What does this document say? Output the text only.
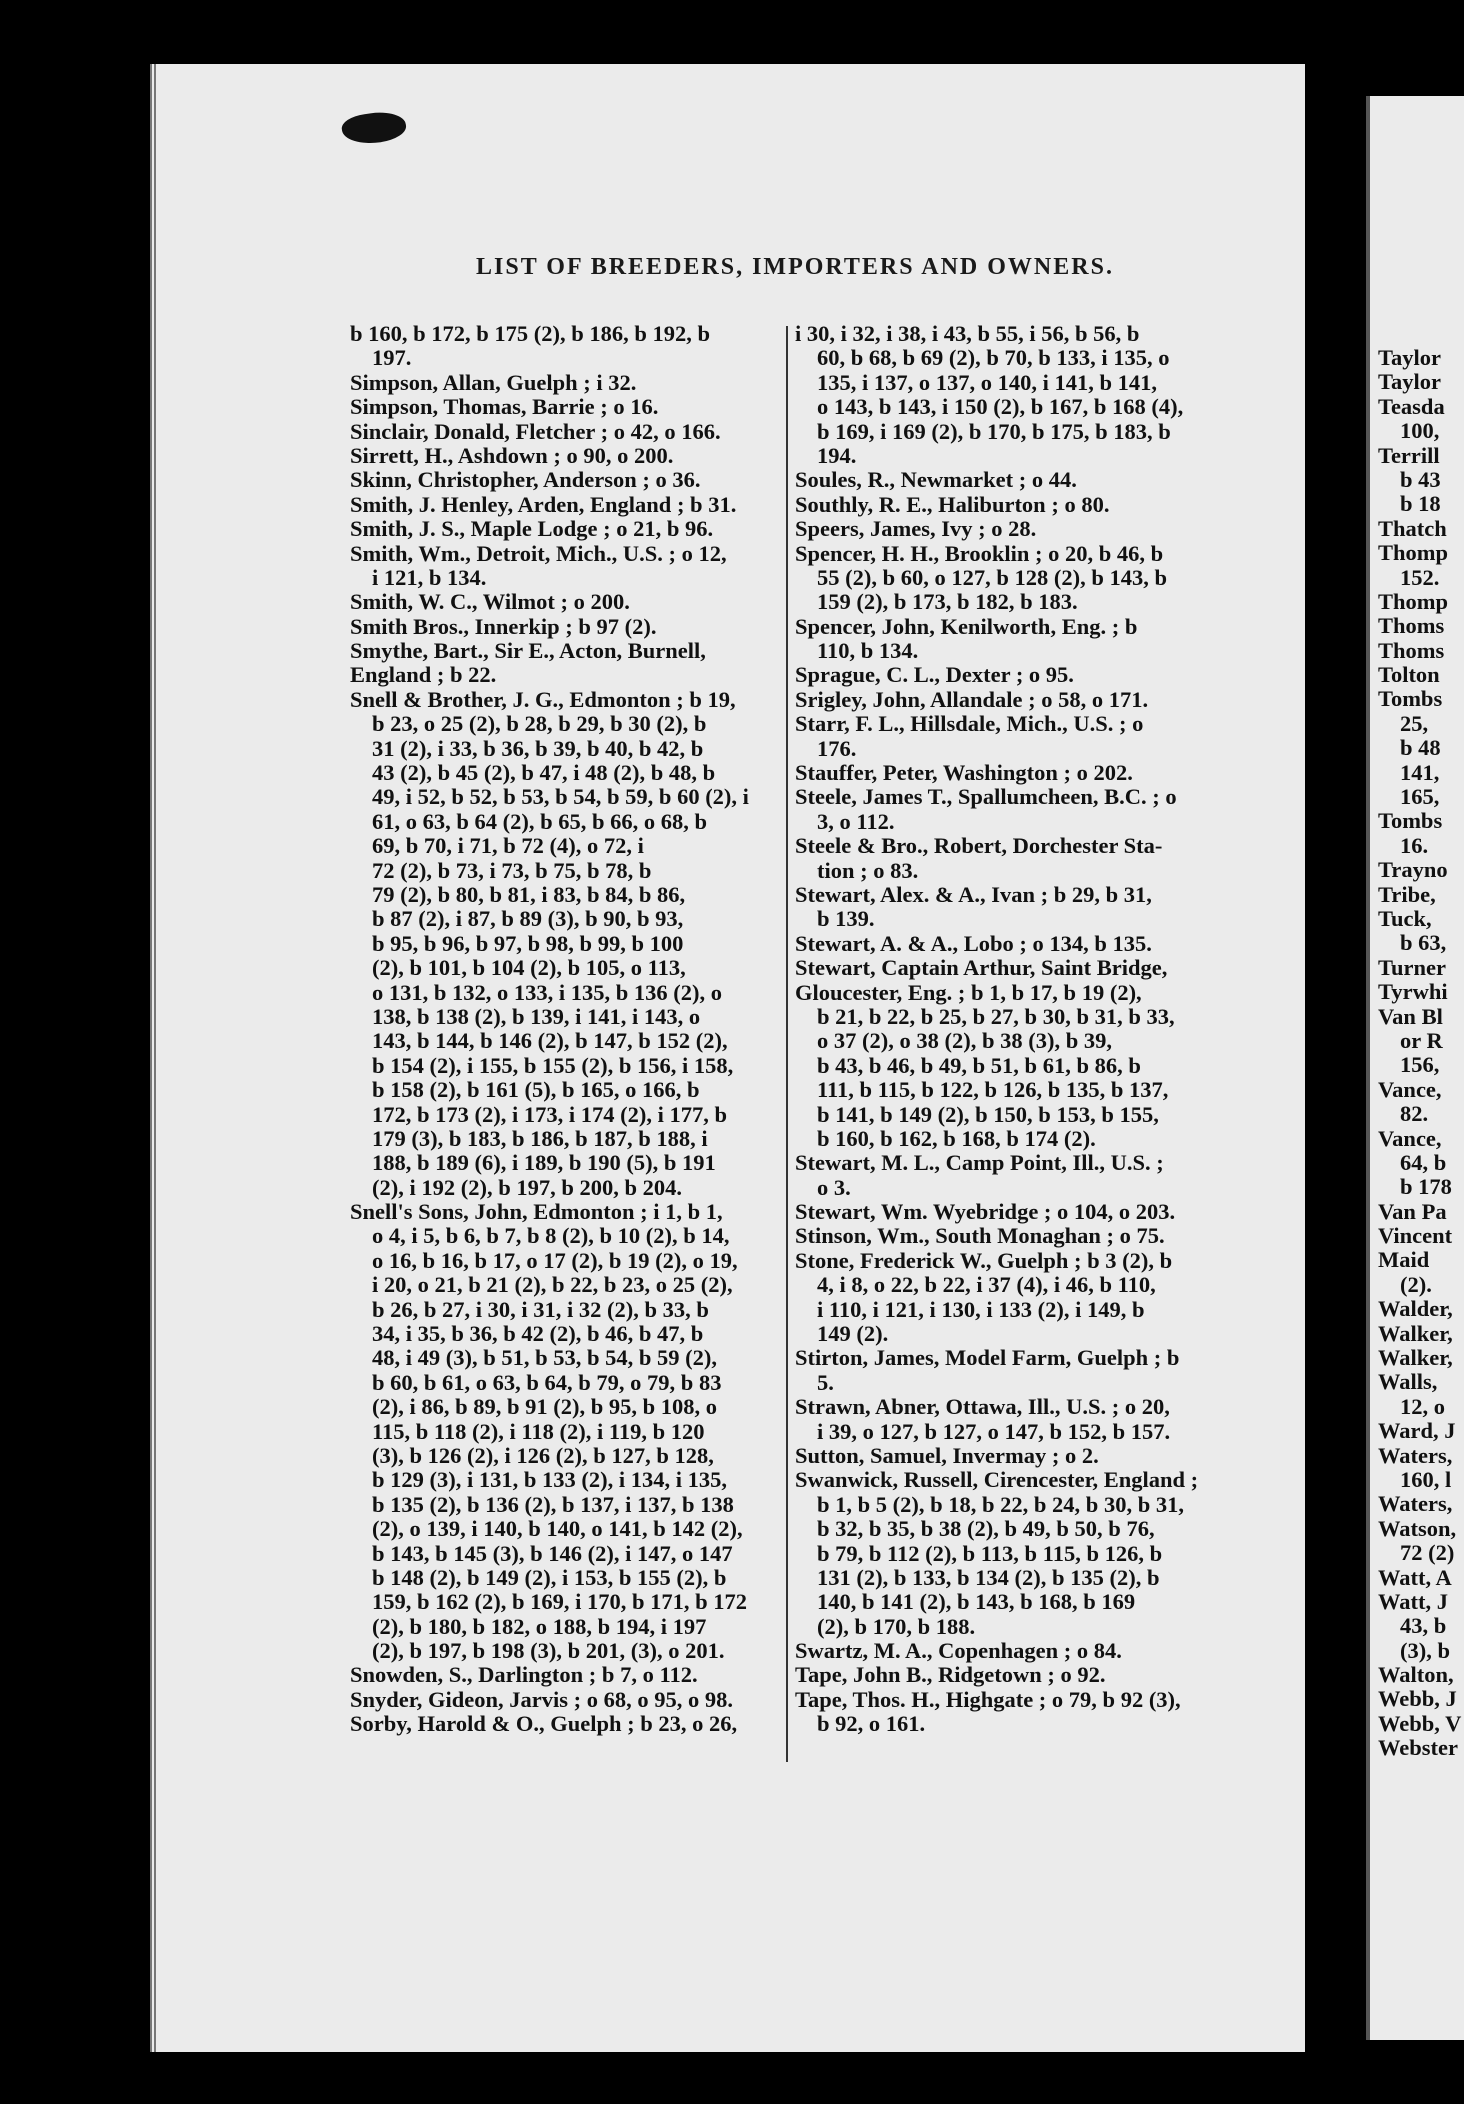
LIST OF BREEDERS, IMPORTERS AND OWNERS.
b 160, b 172, b 175 (2), b 186, b 192, b
197.
Simpson, Allan, Guelph ; i 32.
Simpson, Thomas, Barrie ; o 16.
Sinclair, Donald, Fletcher ; o 42, o 166.
Sirrett, H., Ashdown ; o 90, o 200.
Skinn, Christopher, Anderson ; o 36.
Smith, J. Henley, Arden, England ; b 31.
Smith, J. S., Maple Lodge ; o 21, b 96.
Smith, Wm., Detroit, Mich., U.S. ; o 12,
i 121, b 134.
Smith, W. C., Wilmot ; o 200.
Smith Bros., Innerkip ; b 97 (2).
Smythe, Bart., Sir E., Acton, Burnell,
England ; b 22.
Snell & Brother, J. G., Edmonton ; b 19,
b 23, o 25 (2), b 28, b 29, b 30 (2), b
31 (2), i 33, b 36, b 39, b 40, b 42, b
43 (2), b 45 (2), b 47, i 48 (2), b 48, b
49, i 52, b 52, b 53, b 54, b 59, b 60 (2), i
61, o 63, b 64 (2), b 65, b 66, o 68, b
69, b 70, i 71, b 72 (4), o 72, i
72 (2), b 73, i 73, b 75, b 78, b
79 (2), b 80, b 81, i 83, b 84, b 86,
b 87 (2), i 87, b 89 (3), b 90, b 93,
b 95, b 96, b 97, b 98, b 99, b 100
(2), b 101, b 104 (2), b 105, o 113,
o 131, b 132, o 133, i 135, b 136 (2), o
138, b 138 (2), b 139, i 141, i 143, o
143, b 144, b 146 (2), b 147, b 152 (2),
b 154 (2), i 155, b 155 (2), b 156, i 158,
b 158 (2), b 161 (5), b 165, o 166, b
172, b 173 (2), i 173, i 174 (2), i 177, b
179 (3), b 183, b 186, b 187, b 188, i
188, b 189 (6), i 189, b 190 (5), b 191
(2), i 192 (2), b 197, b 200, b 204.
Snell's Sons, John, Edmonton ; i 1, b 1,
o 4, i 5, b 6, b 7, b 8 (2), b 10 (2), b 14,
o 16, b 16, b 17, o 17 (2), b 19 (2), o 19,
i 20, o 21, b 21 (2), b 22, b 23, o 25 (2),
b 26, b 27, i 30, i 31, i 32 (2), b 33, b
34, i 35, b 36, b 42 (2), b 46, b 47, b
48, i 49 (3), b 51, b 53, b 54, b 59 (2),
b 60, b 61, o 63, b 64, b 79, o 79, b 83
(2), i 86, b 89, b 91 (2), b 95, b 108, o
115, b 118 (2), i 118 (2), i 119, b 120
(3), b 126 (2), i 126 (2), b 127, b 128,
b 129 (3), i 131, b 133 (2), i 134, i 135,
b 135 (2), b 136 (2), b 137, i 137, b 138
(2), o 139, i 140, b 140, o 141, b 142 (2),
b 143, b 145 (3), b 146 (2), i 147, o 147
b 148 (2), b 149 (2), i 153, b 155 (2), b
159, b 162 (2), b 169, i 170, b 171, b 172
(2), b 180, b 182, o 188, b 194, i 197
(2), b 197, b 198 (3), b 201, (3), o 201.
Snowden, S., Darlington ; b 7, o 112.
Snyder, Gideon, Jarvis ; o 68, o 95, o 98.
Sorby, Harold & O., Guelph ; b 23, o 26,
i 30, i 32, i 38, i 43, b 55, i 56, b 56, b
60, b 68, b 69 (2), b 70, b 133, i 135, o
135, i 137, o 137, o 140, i 141, b 141,
o 143, b 143, i 150 (2), b 167, b 168 (4),
b 169, i 169 (2), b 170, b 175, b 183, b
194.
Soules, R., Newmarket ; o 44.
Southly, R. E., Haliburton ; o 80.
Speers, James, Ivy ; o 28.
Spencer, H. H., Brooklin ; o 20, b 46, b
55 (2), b 60, o 127, b 128 (2), b 143, b
159 (2), b 173, b 182, b 183.
Spencer, John, Kenilworth, Eng. ; b
110, b 134.
Sprague, C. L., Dexter ; o 95.
Srigley, John, Allandale ; o 58, o 171.
Starr, F. L., Hillsdale, Mich., U.S. ; o
176.
Stauffer, Peter, Washington ; o 202.
Steele, James T., Spallumcheen, B.C. ; o
3, o 112.
Steele & Bro., Robert, Dorchester Sta-
tion ; o 83.
Stewart, Alex. & A., Ivan ; b 29, b 31,
b 139.
Stewart, A. & A., Lobo ; o 134, b 135.
Stewart, Captain Arthur, Saint Bridge,
Gloucester, Eng. ; b 1, b 17, b 19 (2),
b 21, b 22, b 25, b 27, b 30, b 31, b 33,
o 37 (2), o 38 (2), b 38 (3), b 39,
b 43, b 46, b 49, b 51, b 61, b 86, b
111, b 115, b 122, b 126, b 135, b 137,
b 141, b 149 (2), b 150, b 153, b 155,
b 160, b 162, b 168, b 174 (2).
Stewart, M. L., Camp Point, Ill., U.S. ;
o 3.
Stewart, Wm. Wyebridge ; o 104, o 203.
Stinson, Wm., South Monaghan ; o 75.
Stone, Frederick W., Guelph ; b 3 (2), b
4, i 8, o 22, b 22, i 37 (4), i 46, b 110,
i 110, i 121, i 130, i 133 (2), i 149, b
149 (2).
Stirton, James, Model Farm, Guelph ; b
5.
Strawn, Abner, Ottawa, Ill., U.S. ; o 20,
i 39, o 127, b 127, o 147, b 152, b 157.
Sutton, Samuel, Invermay ; o 2.
Swanwick, Russell, Cirencester, England ;
b 1, b 5 (2), b 18, b 22, b 24, b 30, b 31,
b 32, b 35, b 38 (2), b 49, b 50, b 76,
b 79, b 112 (2), b 113, b 115, b 126, b
131 (2), b 133, b 134 (2), b 135 (2), b
140, b 141 (2), b 143, b 168, b 169
(2), b 170, b 188.
Swartz, M. A., Copenhagen ; o 84.
Tape, John B., Ridgetown ; o 92.
Tape, Thos. H., Highgate ; o 79, b 92 (3),
b 92, o 161.
Taylor
Taylor
Teasda
100,
Terrill
b 43
b 18
Thatch
Thomp
152.
Thomp
Thoms
Thoms
Tolton
Tombs
25,
b 48
141,
165,
Tombs
16.
Trayno
Tribe,
Tuck,
b 63,
Turner
Tyrwhi
Van Bl
or R
156,
Vance,
82.
Vance,
64, b
b 178
Van Pa
Vincent
Maid
(2).
Walder,
Walker,
Walker,
Walls,
12, o
Ward, J
Waters,
160, l
Waters,
Watson,
72 (2)
Watt, A
Watt, J
43, b
(3), b
Walton,
Webb, J
Webb, V
Webster
